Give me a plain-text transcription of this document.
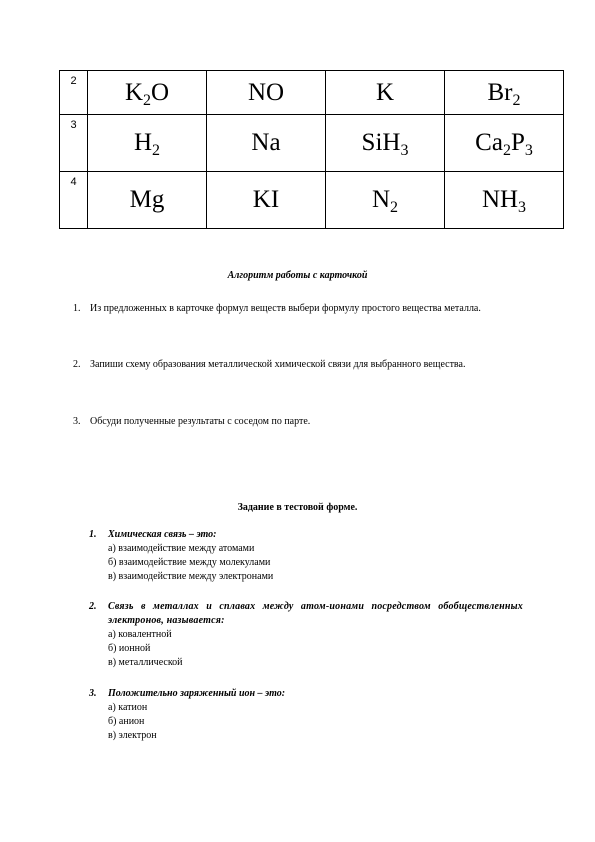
2	$K_2O$	NO	K	$Br_2$

3	$H_2$	Na	SiH$_3$	$Ca_2P_3$

4	Mg	KI	$N_2$	$NH_3$
Алгоритм работы с карточкой
1. Из предложенных в карточке формул веществ выбери формулу простого вещества металла.
2. Запиши схему образования металлической химической связи для выбранного вещества.
3. Обсуди полученные результаты с соседом по парте.
Задание в тестовой форме.
1. Химическая связь – это:
а) взаимодействие между атомами
б) взаимодействие между молекулами
в) взаимодействие между электронами
2. Связь в металлах и сплавах между атом-ионами посредством обобществленных электронов, называется:
а) ковалентной
б) ионной
в) металлической
3. Положительно заряженный ион – это:
а) катион
б) анион
в) электрон
